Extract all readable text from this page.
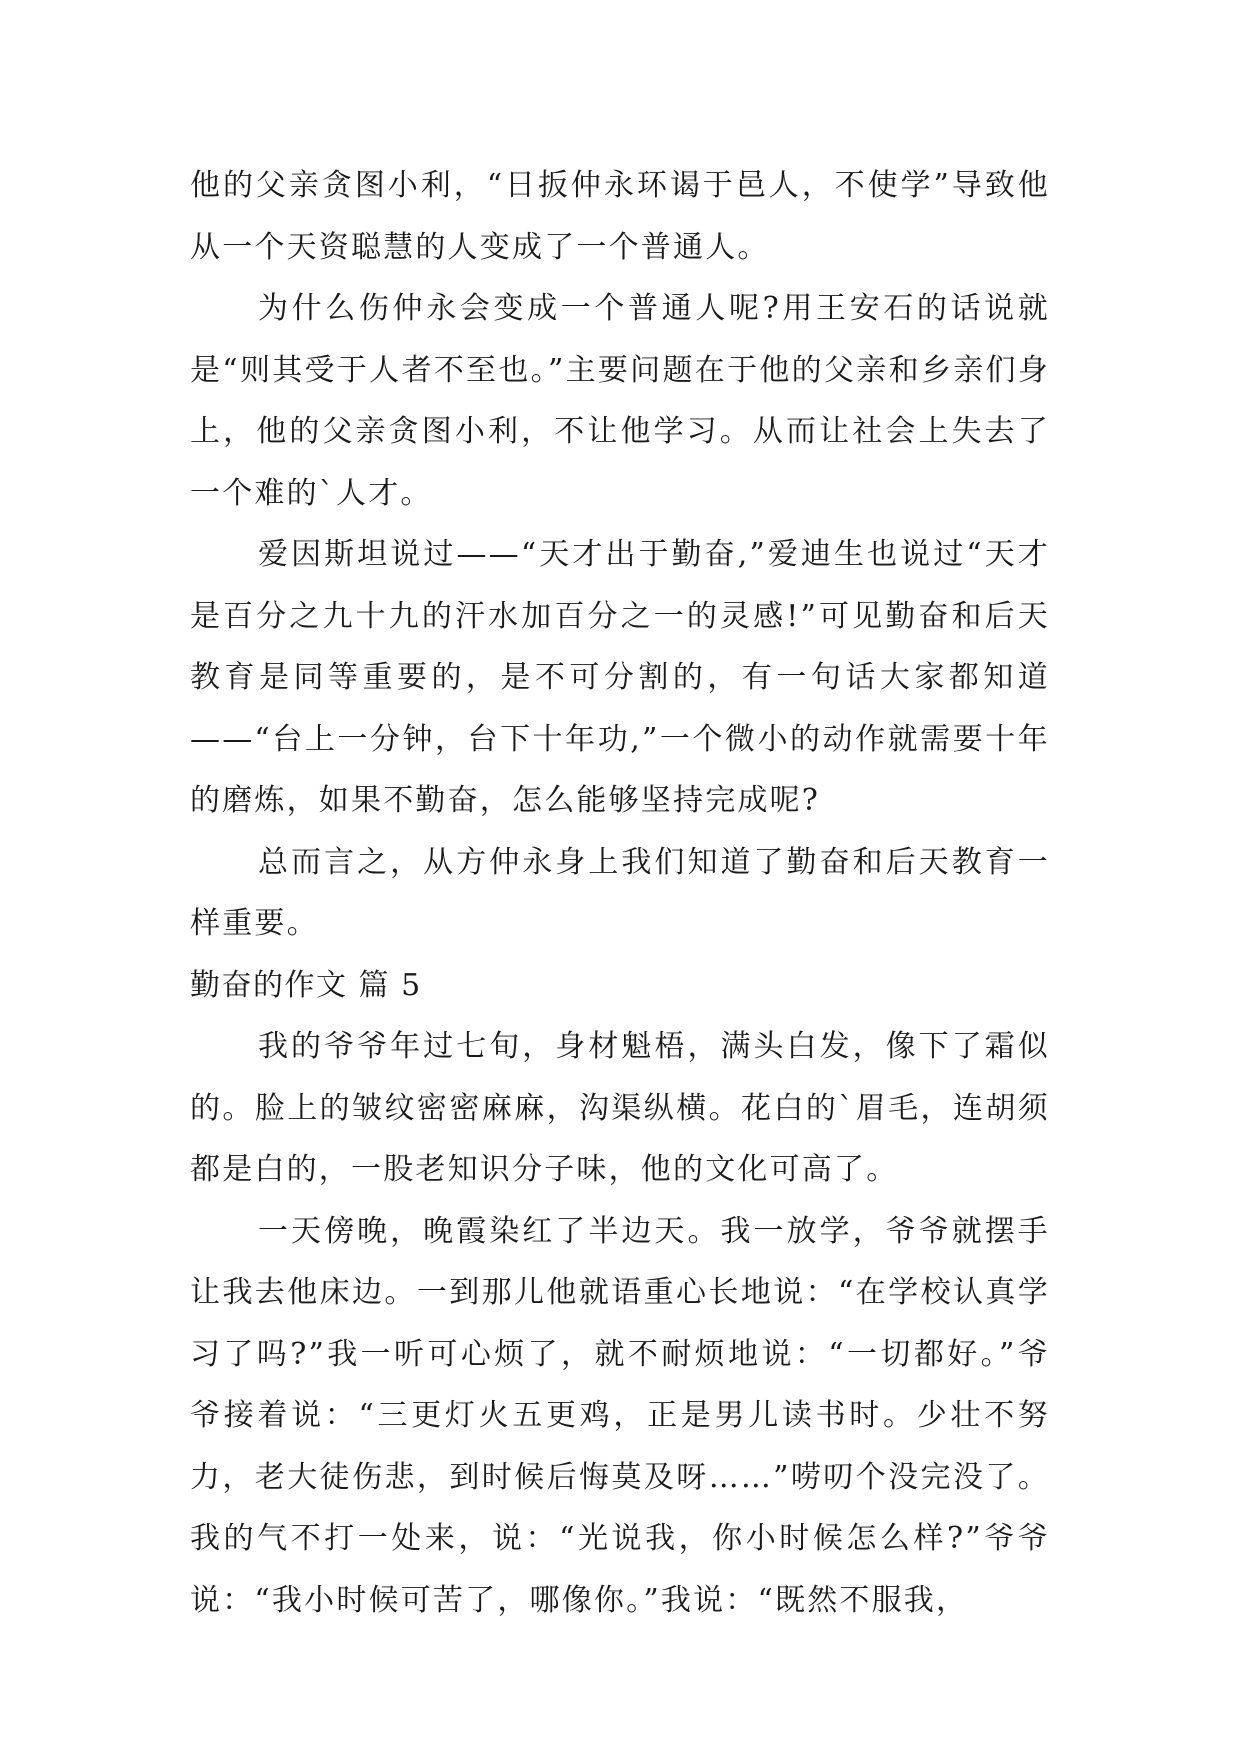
他的父亲贪图小利，“日扳仲永环谒于邑人，不使学”导致他从一个天资聪慧的人变成了一个普通人。

为什么伤仲永会变成一个普通人呢?用王安石的话说就是“则其受于人者不至也。”主要问题在于他的父亲和乡亲们身上，他的父亲贪图小利，不让他学习。从而让社会上失去了一个难的`人才。

爱因斯坦说过——“天才出于勤奋,”爱迪生也说过“天才是百分之九十九的汗水加百分之一的灵感!”可见勤奋和后天教育是同等重要的，是不可分割的，有一句话大家都知道——“台上一分钟，台下十年功,”一个微小的动作就需要十年的磨炼，如果不勤奋，怎么能够坚持完成呢?

总而言之，从方仲永身上我们知道了勤奋和后天教育一样重要。

勤奋的作文 篇 5

我的爷爷年过七旬，身材魁梧，满头白发，像下了霜似的。脸上的皱纹密密麻麻，沟渠纵横。花白的`眉毛，连胡须都是白的，一股老知识分子味，他的文化可高了。

一天傍晚，晚霞染红了半边天。我一放学，爷爷就摆手让我去他床边。一到那儿他就语重心长地说：“在学校认真学习了吗?”我一听可心烦了，就不耐烦地说：“一切都好。”爷爷接着说：“三更灯火五更鸡，正是男儿读书时。少壮不努力，老大徒伤悲，到时候后悔莫及呀……”唠叨个没完没了。我的气不打一处来，说：“光说我，你小时候怎么样?”爷爷说：“我小时候可苦了，哪像你。”我说：“既然不服我，
